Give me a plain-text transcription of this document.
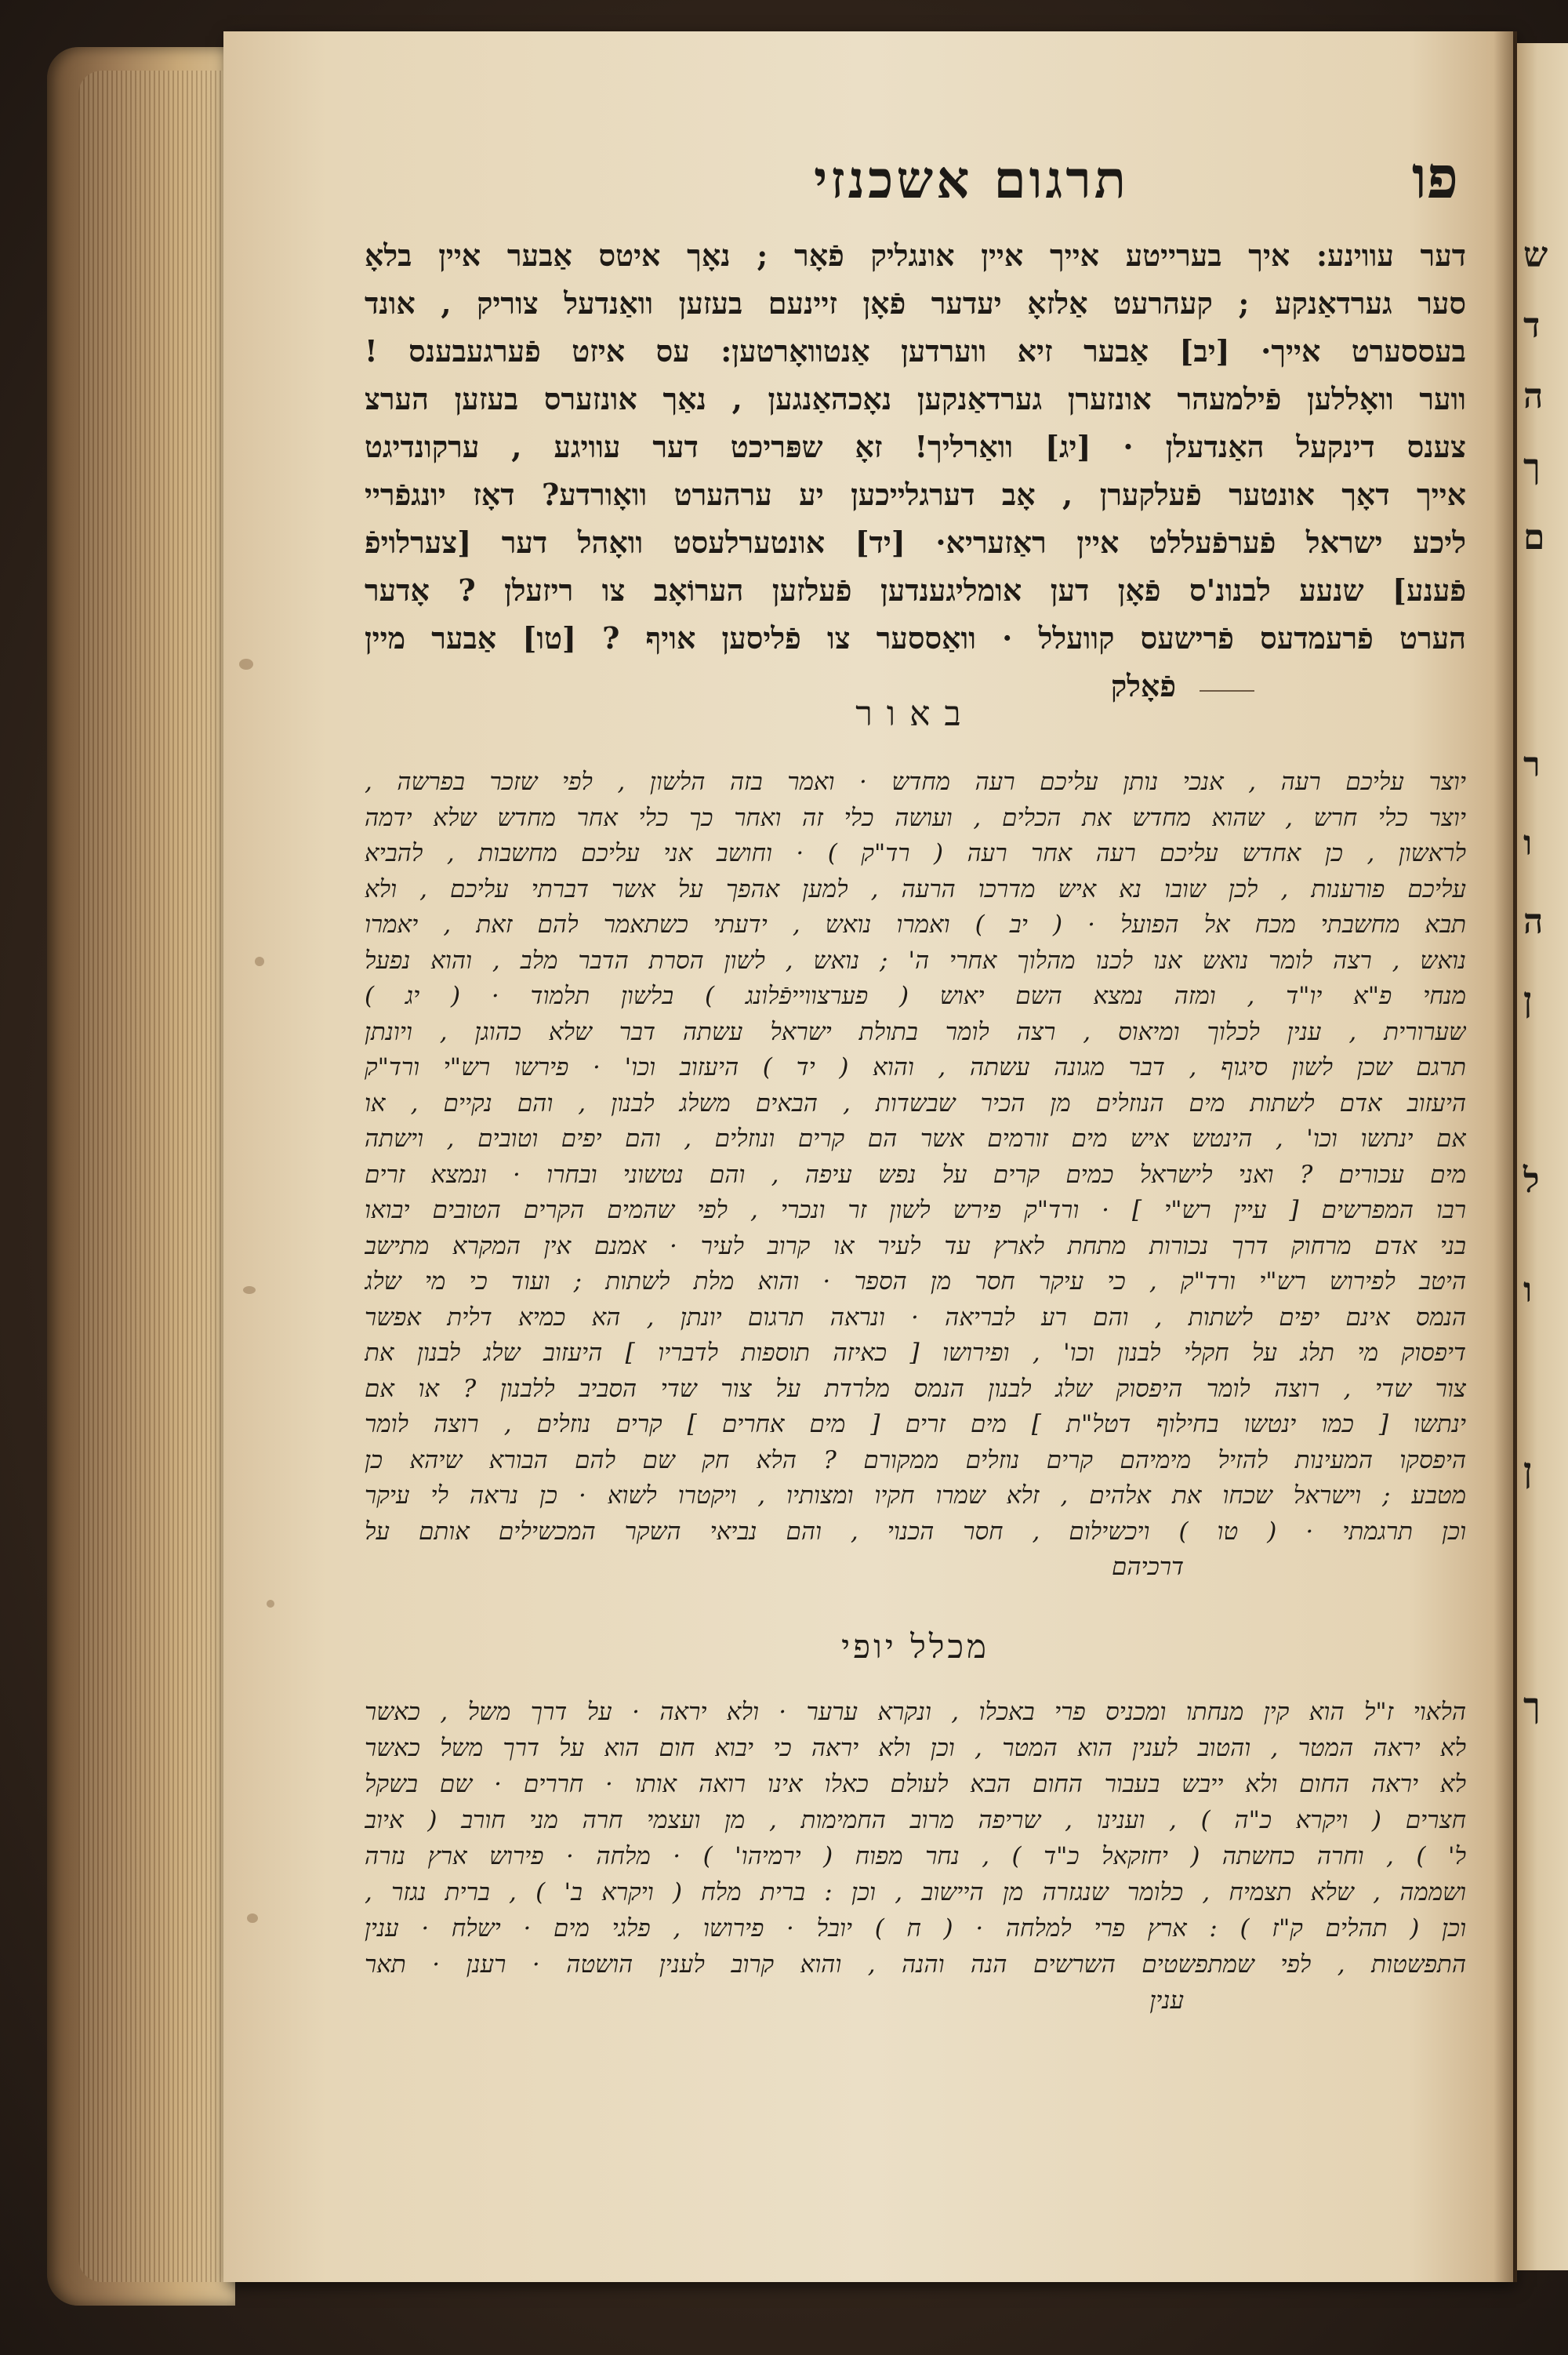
ש
ד
ה
ך
ם
ר
ו
ה
ן
ל
ו
ן
ך
תרגום אשכנזי	פו
דער עווינע: איך בערייטע אייך איין אונגליק פֿאָר ; נאָך איטס אַבער איין בלאָ
סער גערדאַנקע ; קעהרעט אַלזאָ יעדער פֿאָן זיינעם בעזען וואַנדעל צוריק , אונד
בעססערט אייך· [יב] אַבער זיא ווערדען אַנטוואָרטען: עס איזט פֿערגעבענס !
ווער וואָללען פֿילמעהר אונזערן גערדאַנקען נאָכהאַנגען , נאַך אונזערס בעזען הערצ
צענס דינקעל האַנדעלן · [יג] וואַרליך! זאָ שפּריכט דער עוויגע , ערקונדיגט
אייך דאָך אונטער פֿעלקערן , אָב דערגלייכען יע ערהערט וואָורדע? דאָז יונגפֿריי
ליכע ישראל פֿערפֿעללט איין ראַזעריא· [יד] אונטערלעסט וואָהל דער [צערלויפֿ
פֿענע] שנעע לבנונ'ס פֿאָן דען אומליגענדען פֿעלזען הערוֹאָב צו ריזעלן ? אָדער
הערט פֿרעמדעס פֿרישעס קוועלל · וואַססער צו פֿליסען אויף ? [טו] אַבער מיין
פֿאָלק
באור
יוצר עליכם רעה , אנכי נותן עליכם רעה מחדש · ואמר בזה הלשון , לפי שזכר בפרשה ,
יוצר כלי חרש , שהוא מחדש את הכלים , ועושה כלי זה ואחר כך כלי אחר מחדש שלא ידמה
לראשון , כן אחדש עליכם רעה אחר רעה ( רד"ק ) · וחושב אני עליכם מחשבות , להביא
עליכם פורענות , לכן שובו נא איש מדרכו הרעה , למען אהפך על אשר דברתי עליכם , ולא
תבא מחשבתי מכח אל הפועל · ( יב ) ואמרו נואש , ידעתי כשתאמר להם זאת , יאמרו
נואש , רצה לומר נואש אנו לכנו מהלוך אחרי ה' ; נואש , לשון הסרת הדבר מלב , והוא נפעל
מנחי פ"א יו"ד , ומזה נמצא השם יאוש ( פערצווייפֿלונג ) בלשון תלמוד · ( יג )
שערורית , ענין לכלוך ומיאוס , רצה לומר בתולת ישראל עשתה דבר שלא כהוגן , ויונתן
תרגם שכן לשון סיגוף , דבר מגונה עשתה , והוא ( יד ) היעזוב וכו' · פירשו רש"י ורד"ק
היעזוב אדם לשתות מים הנוזלים מן הכיר שבשדות , הבאים משלג לבנון , והם נקיים , או
אם ינתשו וכו' , הינטש איש מים זורמים אשר הם קרים ונוזלים , והם יפים וטובים , וישתה
מים עכורים ? ואני לישראל כמים קרים על נפש עיפה , והם נטשוני ובחרו · ונמצא זרים
רבו המפרשים [ עיין רש"י ] · ורד"ק פירש לשון זר ונכרי , לפי שהמים הקרים הטובים יבואו
בני אדם מרחוק דרך נכורות מתחת לארץ עד לעיר או קרוב לעיר · אמנם אין המקרא מתישב
היטב לפירוש רש"י ורד"ק , כי עיקר חסר מן הספר · והוא מלת לשתות ; ועוד כי מי שלג
הנמס אינם יפים לשתות , והם רע לבריאה · ונראה תרגום יונתן , הא כמיא דלית אפשר
דיפסוק מי תלג על חקלי לבנון וכו' , ופירושו [ כאיזה תוספות לדבריו ] היעזוב שלג לבנון את
צור שדי , רוצה לומר היפסוק שלג לבנון הנמס מלרדת על צור שדי הסביב ללבנון ? או אם
ינתשו [ כמו ינטשו בחילוף דטל"ת ] מים זרים [ מים אחרים ] קרים נוזלים , רוצה לומר
היפסקו המעינות להזיל מימיהם קרים נוזלים ממקורם ? הלא חק שם להם הבורא שיהא כן
מטבע ; וישראל שכחו את אלהים , זלא שמרו חקיו ומצותיו , ויקטרו לשוא · כן נראה לי עיקר
וכן תרגמתי · ( טו ) ויכשילום , חסר הכנוי , והם נביאי השקר המכשילים אותם על
דרכיהם
מכלל יופי
הלאוי ז"ל הוא קין מנחתו ומכניס פרי באכלו , ונקרא ערער · ולא יראה · על דרך משל , כאשר
לא יראה המטר , והטוב לענין הוא המטר , וכן ולא יראה כי יבוא חום הוא על דרך משל כאשר
לא יראה החום ולא ייבש בעבור החום הבא לעולם כאלו אינו רואה אותו · חררים · שם בשקל
חצרים ( ויקרא כ"ה ) , וענינו , שריפה מרוב החמימות , מן ועצמי חרה מני חורב ( איוב
ל' ) , וחרה כחשתה ( יחזקאל כ"ד ) , נחר מפוח ( ירמיהו' ) · מלחה · פירוש ארץ נזרה
ושממה , שלא תצמיח , כלומר שנגזרה מן היישוב , וכן : ברית מלח ( ויקרא ב' ) , ברית נגזר ,
וכן ( תהלים ק"ז ) : ארץ פרי למלחה · ( ח ) יובל · פירושו , פלגי מים · ישלח · ענין
התפשטות , לפי שמתפשטים השרשים הנה והנה , והוא קרוב לענין הושטה · רענן · תאר
ענין
